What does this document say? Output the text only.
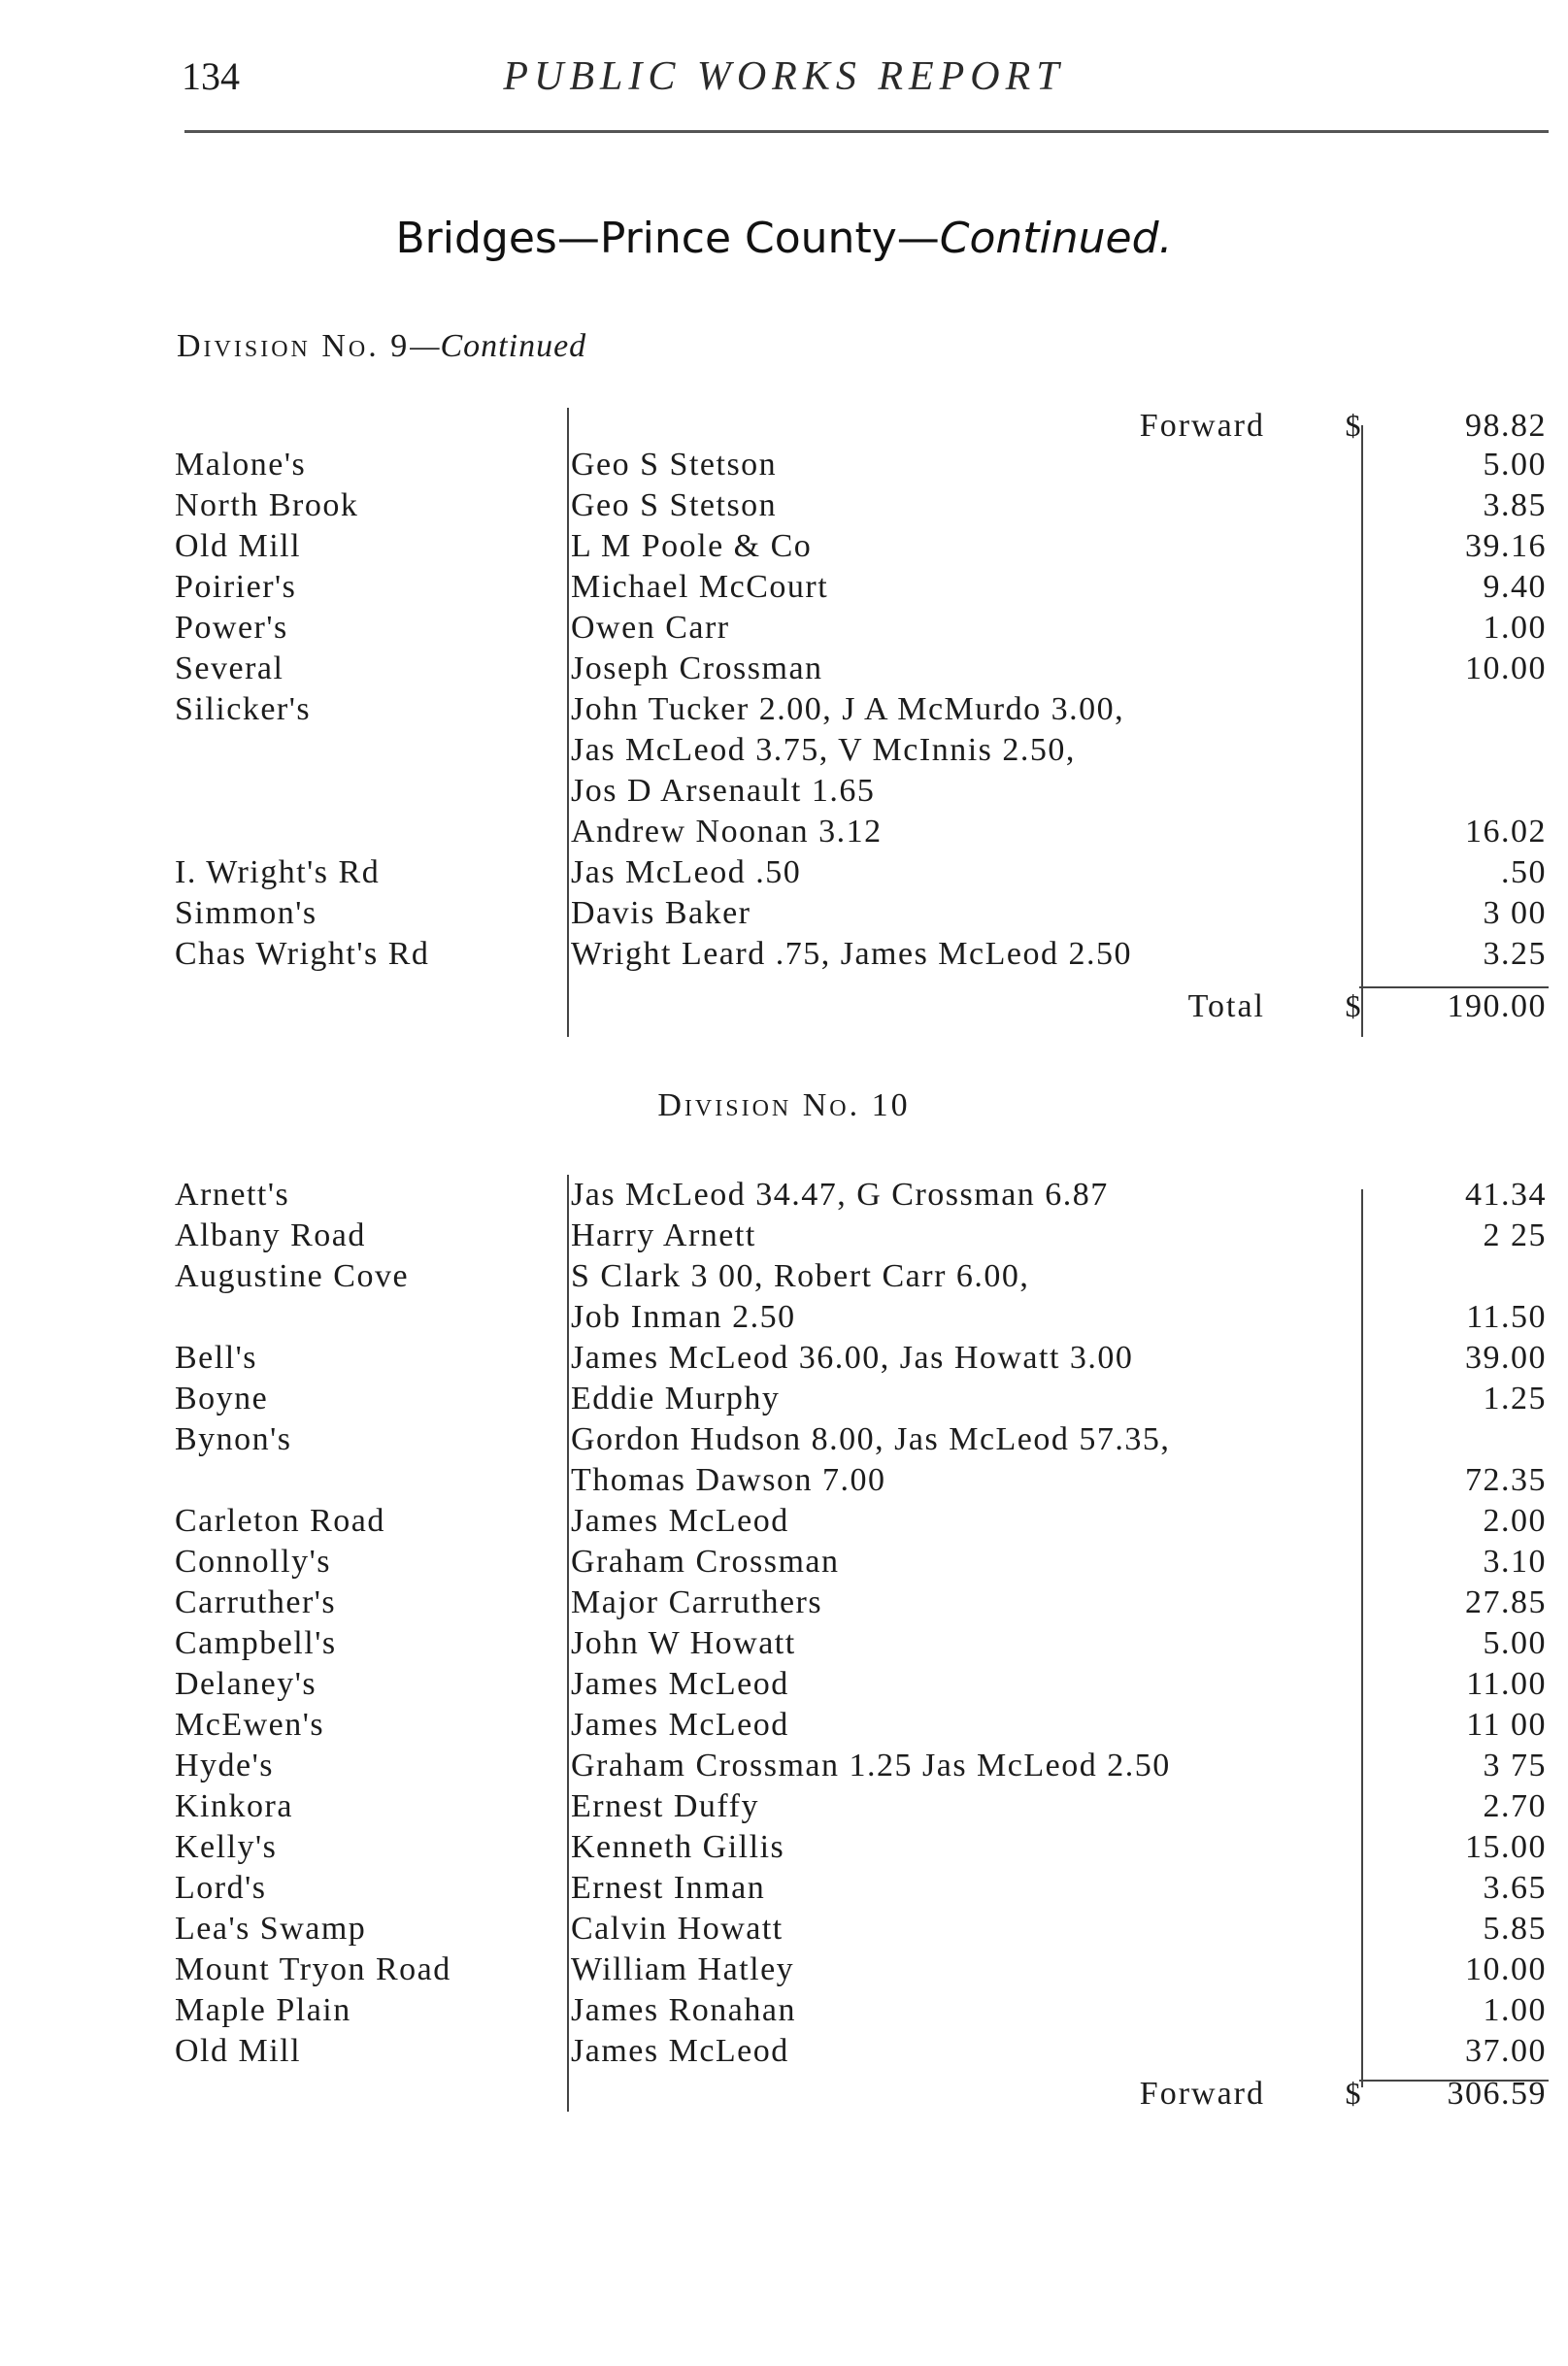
134	PUBLIC WORKS REPORT
Bridges—Prince County—Continued.
Division No. 9—Continued
Forward	$	98.82
Malone's	Geo S Stetson	5.00
North Brook	Geo S Stetson	3.85
Old Mill	L M Poole & Co	39.16
Poirier's	Michael McCourt	9.40
Power's	Owen Carr	1.00
Several	Joseph Crossman	10.00
Silicker's	John Tucker 2.00, J A McMurdo 3.00,
Jas McLeod 3.75, V McInnis 2.50,
Jos D Arsenault 1.65
Andrew Noonan 3.12	16.02
I. Wright's Rd	Jas McLeod .50	.50
Simmon's	Davis Baker	3 00
Chas Wright's Rd	Wright Leard .75, James McLeod 2.50	3.25
Total	$	190.00
Division No. 10
Arnett's	Jas McLeod 34.47, G Crossman 6.87	41.34
Albany Road	Harry Arnett	2 25
Augustine Cove	S Clark 3 00, Robert Carr 6.00,
Job Inman 2.50	11.50
Bell's	James McLeod 36.00, Jas Howatt 3.00	39.00
Boyne	Eddie Murphy	1.25
Bynon's	Gordon Hudson 8.00, Jas McLeod 57.35,
Thomas Dawson 7.00	72.35
Carleton Road	James McLeod	2.00
Connolly's	Graham Crossman	3.10
Carruther's	Major Carruthers	27.85
Campbell's	John W Howatt	5.00
Delaney's	James McLeod	11.00
McEwen's	James McLeod	11 00
Hyde's	Graham Crossman 1.25 Jas McLeod 2.50	3 75
Kinkora	Ernest Duffy	2.70
Kelly's	Kenneth Gillis	15.00
Lord's	Ernest Inman	3.65
Lea's Swamp	Calvin Howatt	5.85
Mount Tryon Road	William Hatley	10.00
Maple Plain	James Ronahan	1.00
Old Mill	James McLeod	37.00
Forward	$	306.59
